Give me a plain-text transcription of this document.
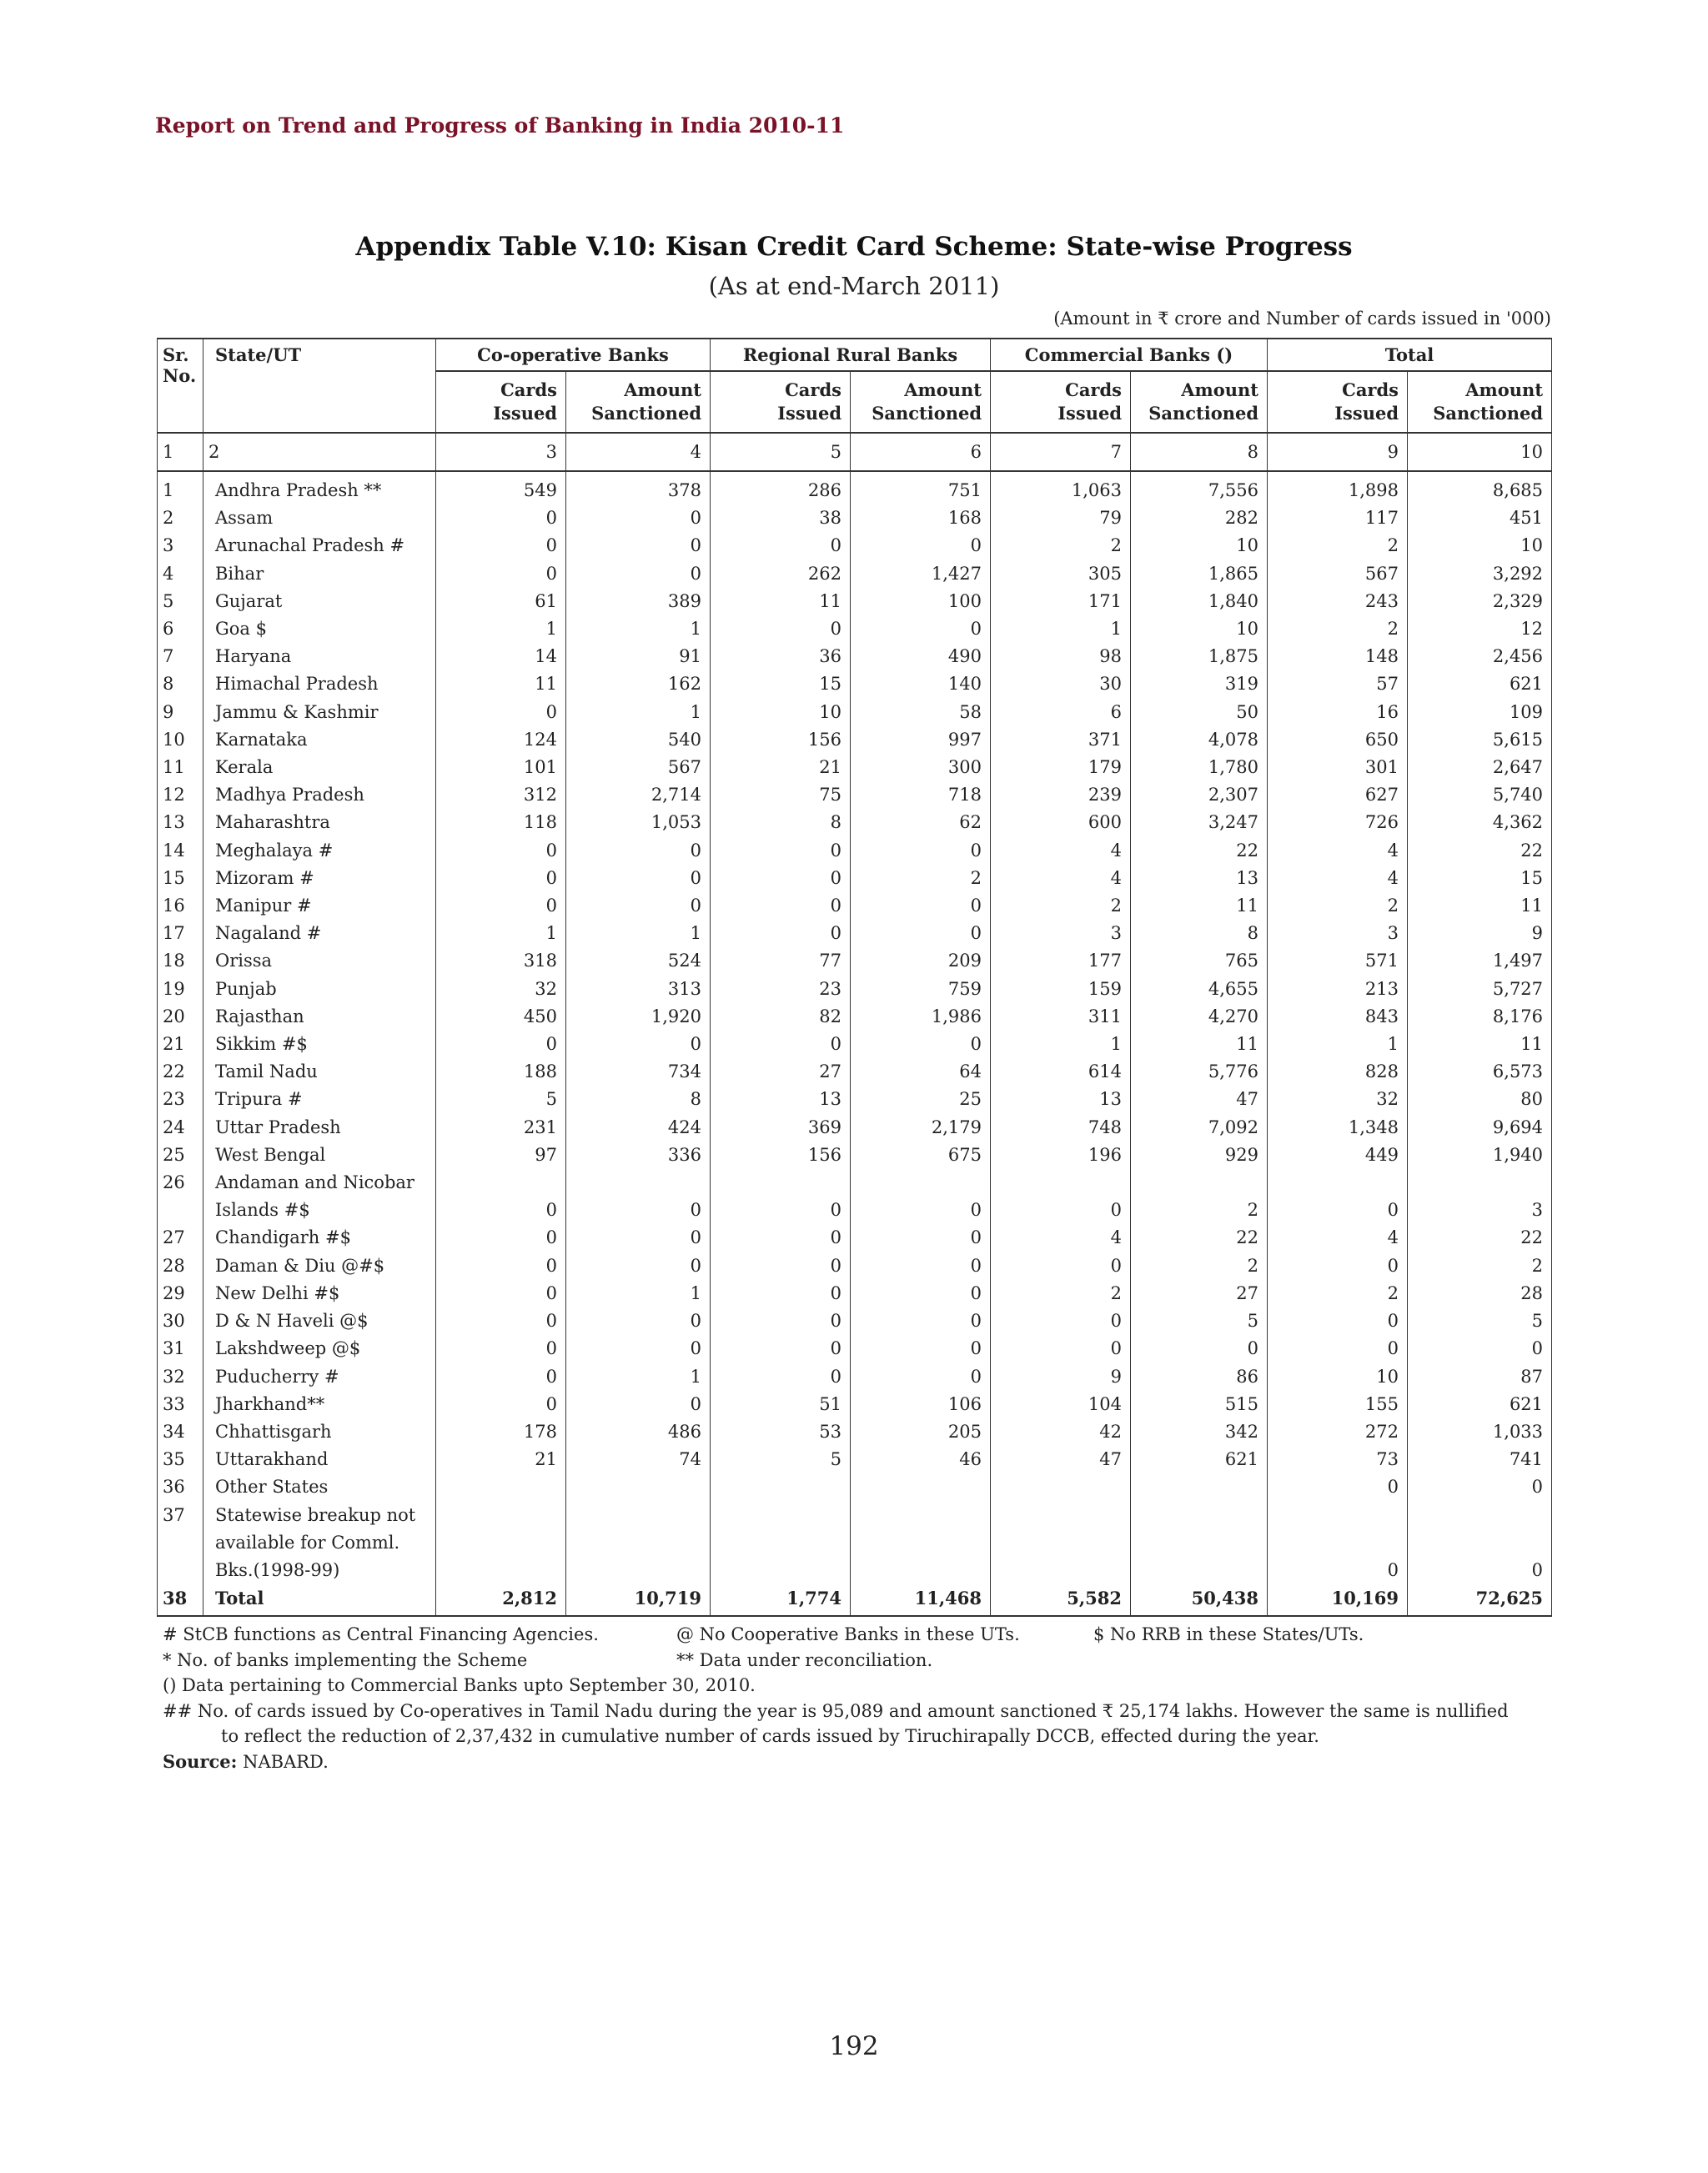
Report on Trend and Progress of Banking in India 2010-11
Appendix Table V.10: Kisan Credit Card Scheme: State-wise Progress
(As at end-March 2011)
(Amount in ₹ crore and Number of cards issued in '000)
Sr. No.	State/UT	Co-operative Banks		Regional Rural Banks		Commercial Banks ()		Total	
		Cards Issued	Amount Sanctioned	Cards Issued	Amount Sanctioned	Cards Issued	Amount Sanctioned	Cards Issued	Amount Sanctioned
1	2	3	4	5	6	7	8	9	10
1	Andhra Pradesh **	549	378	286	751	1,063	7,556	1,898	8,685
2	Assam	0	0	38	168	79	282	117	451
3	Arunachal Pradesh #	0	0	0	0	2	10	2	10
4	Bihar	0	0	262	1,427	305	1,865	567	3,292
5	Gujarat	61	389	11	100	171	1,840	243	2,329
6	Goa $	1	1	0	0	1	10	2	12
7	Haryana	14	91	36	490	98	1,875	148	2,456
8	Himachal Pradesh	11	162	15	140	30	319	57	621
9	Jammu & Kashmir	0	1	10	58	6	50	16	109
10	Karnataka	124	540	156	997	371	4,078	650	5,615
11	Kerala	101	567	21	300	179	1,780	301	2,647
12	Madhya Pradesh	312	2,714	75	718	239	2,307	627	5,740
13	Maharashtra	118	1,053	8	62	600	3,247	726	4,362
14	Meghalaya #	0	0	0	0	4	22	4	22
15	Mizoram #	0	0	0	2	4	13	4	15
16	Manipur #	0	0	0	0	2	11	2	11
17	Nagaland #	1	1	0	0	3	8	3	9
18	Orissa	318	524	77	209	177	765	571	1,497
19	Punjab	32	313	23	759	159	4,655	213	5,727
20	Rajasthan	450	1,920	82	1,986	311	4,270	843	8,176
21	Sikkim #$	0	0	0	0	1	11	1	11
22	Tamil Nadu	188	734	27	64	614	5,776	828	6,573
23	Tripura #	5	8	13	25	13	47	32	80
24	Uttar Pradesh	231	424	369	2,179	748	7,092	1,348	9,694
25	West Bengal	97	336	156	675	196	929	449	1,940
26	Andaman and Nicobar
Islands #$	0	0	0	0	0	2	0	3
27	Chandigarh #$	0	0	0	0	4	22	4	22
28	Daman & Diu @#$	0	0	0	0	0	2	0	2
29	New Delhi #$	0	1	0	0	2	27	2	28
30	D & N Haveli @$	0	0	0	0	0	5	0	5
31	Lakshdweep @$	0	0	0	0	0	0	0	0
32	Puducherry #	0	1	0	0	9	86	10	87
33	Jharkhand**	0	0	51	106	104	515	155	621
34	Chhattisgarh	178	486	53	205	42	342	272	1,033
35	Uttarakhand	21	74	5	46	47	621	73	741
36	Other States							0	0
37	Statewise breakup not
available for Comml.
Bks.(1998-99)							0	0
38	Total	2,812	10,719	1,774	11,468	5,582	50,438	10,169	72,625
# StCB functions as Central Financing Agencies.	@ No Cooperative Banks in these UTs.	$ No RRB in these States/UTs.
* No. of banks implementing the Scheme	** Data under reconciliation.
() Data pertaining to Commercial Banks upto September 30, 2010.
## No. of cards issued by Co-operatives in Tamil Nadu during the year is 95,089 and amount sanctioned ₹ 25,174 lakhs. However the same is nullified
to reflect the reduction of 2,37,432 in cumulative number of cards issued by Tiruchirapally DCCB, effected during the year.
Source: NABARD.
192
